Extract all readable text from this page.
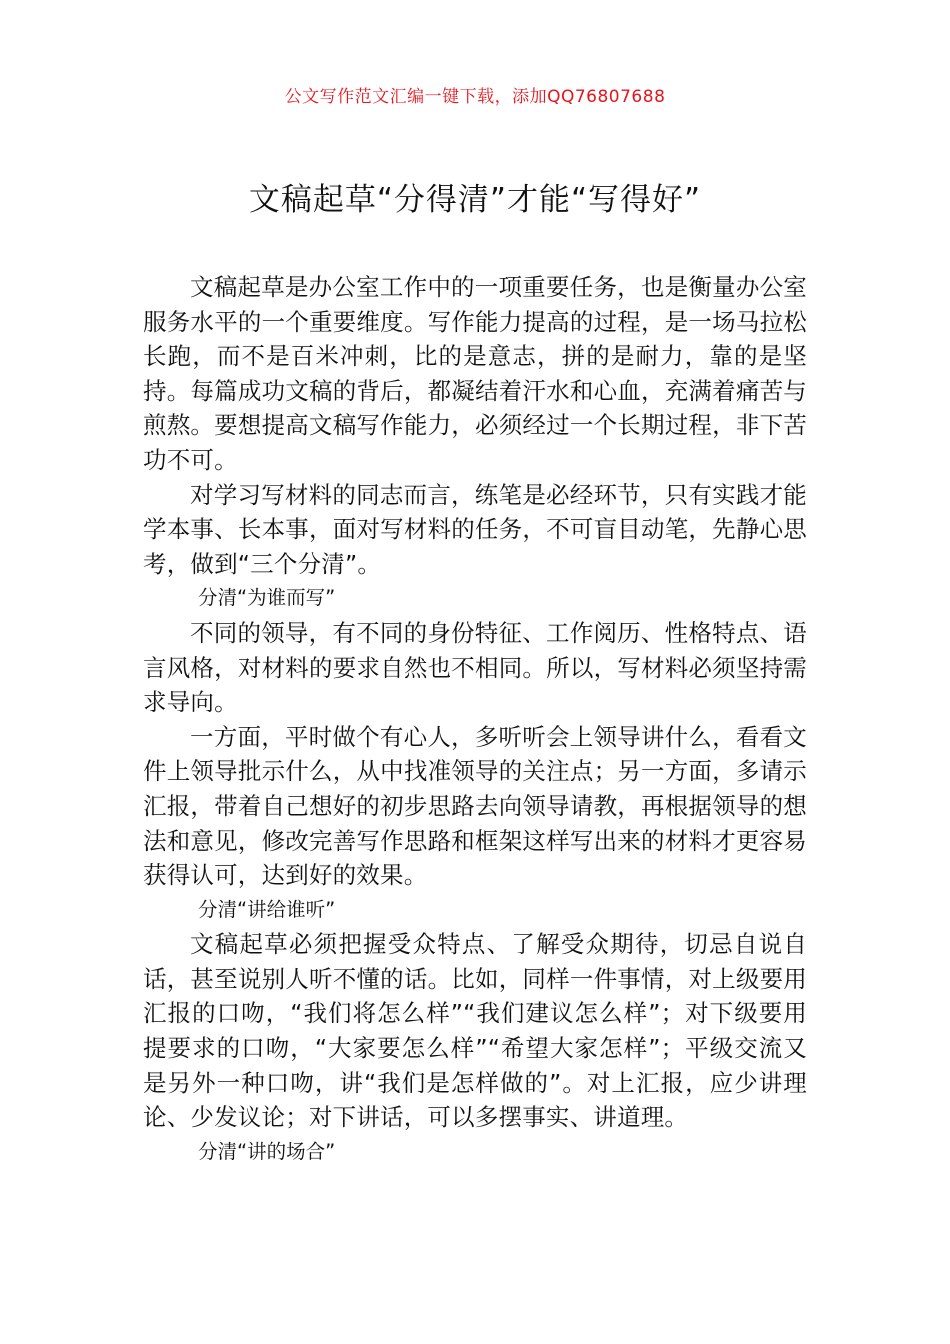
公文写作范文汇编一键下载，添加QQ76807688
文稿起草“分得清”才能“写得好”

文稿起草是办公室工作中的一项重要任务，也是衡量办公室服务水平的一个重要维度。写作能力提高的过程，是一场马拉松长跑，而不是百米冲刺，比的是意志，拼的是耐力，靠的是坚持。每篇成功文稿的背后，都凝结着汗水和心血，充满着痛苦与煎熬。要想提高文稿写作能力，必须经过一个长期过程，非下苦功不可。

对学习写材料的同志而言，练笔是必经环节，只有实践才能学本事、长本事，面对写材料的任务，不可盲目动笔，先静心思考，做到“三个分清”。

分清“为谁而写”

不同的领导，有不同的身份特征、工作阅历、性格特点、语言风格，对材料的要求自然也不相同。所以，写材料必须坚持需求导向。

一方面，平时做个有心人，多听听会上领导讲什么，看看文件上领导批示什么，从中找准领导的关注点；另一方面，多请示汇报，带着自己想好的初步思路去向领导请教，再根据领导的想法和意见，修改完善写作思路和框架这样写出来的材料才更容易获得认可，达到好的效果。

分清“讲给谁听”

文稿起草必须把握受众特点、了解受众期待，切忌自说自话，甚至说别人听不懂的话。比如，同样一件事情，对上级要用汇报的口吻，“我们将怎么样”“我们建议怎么样”；对下级要用提要求的口吻，“大家要怎么样”“希望大家怎样”；平级交流又是另外一种口吻，讲“我们是怎样做的”。对上汇报，应少讲理论、少发议论；对下讲话，可以多摆事实、讲道理。

分清“讲的场合”
